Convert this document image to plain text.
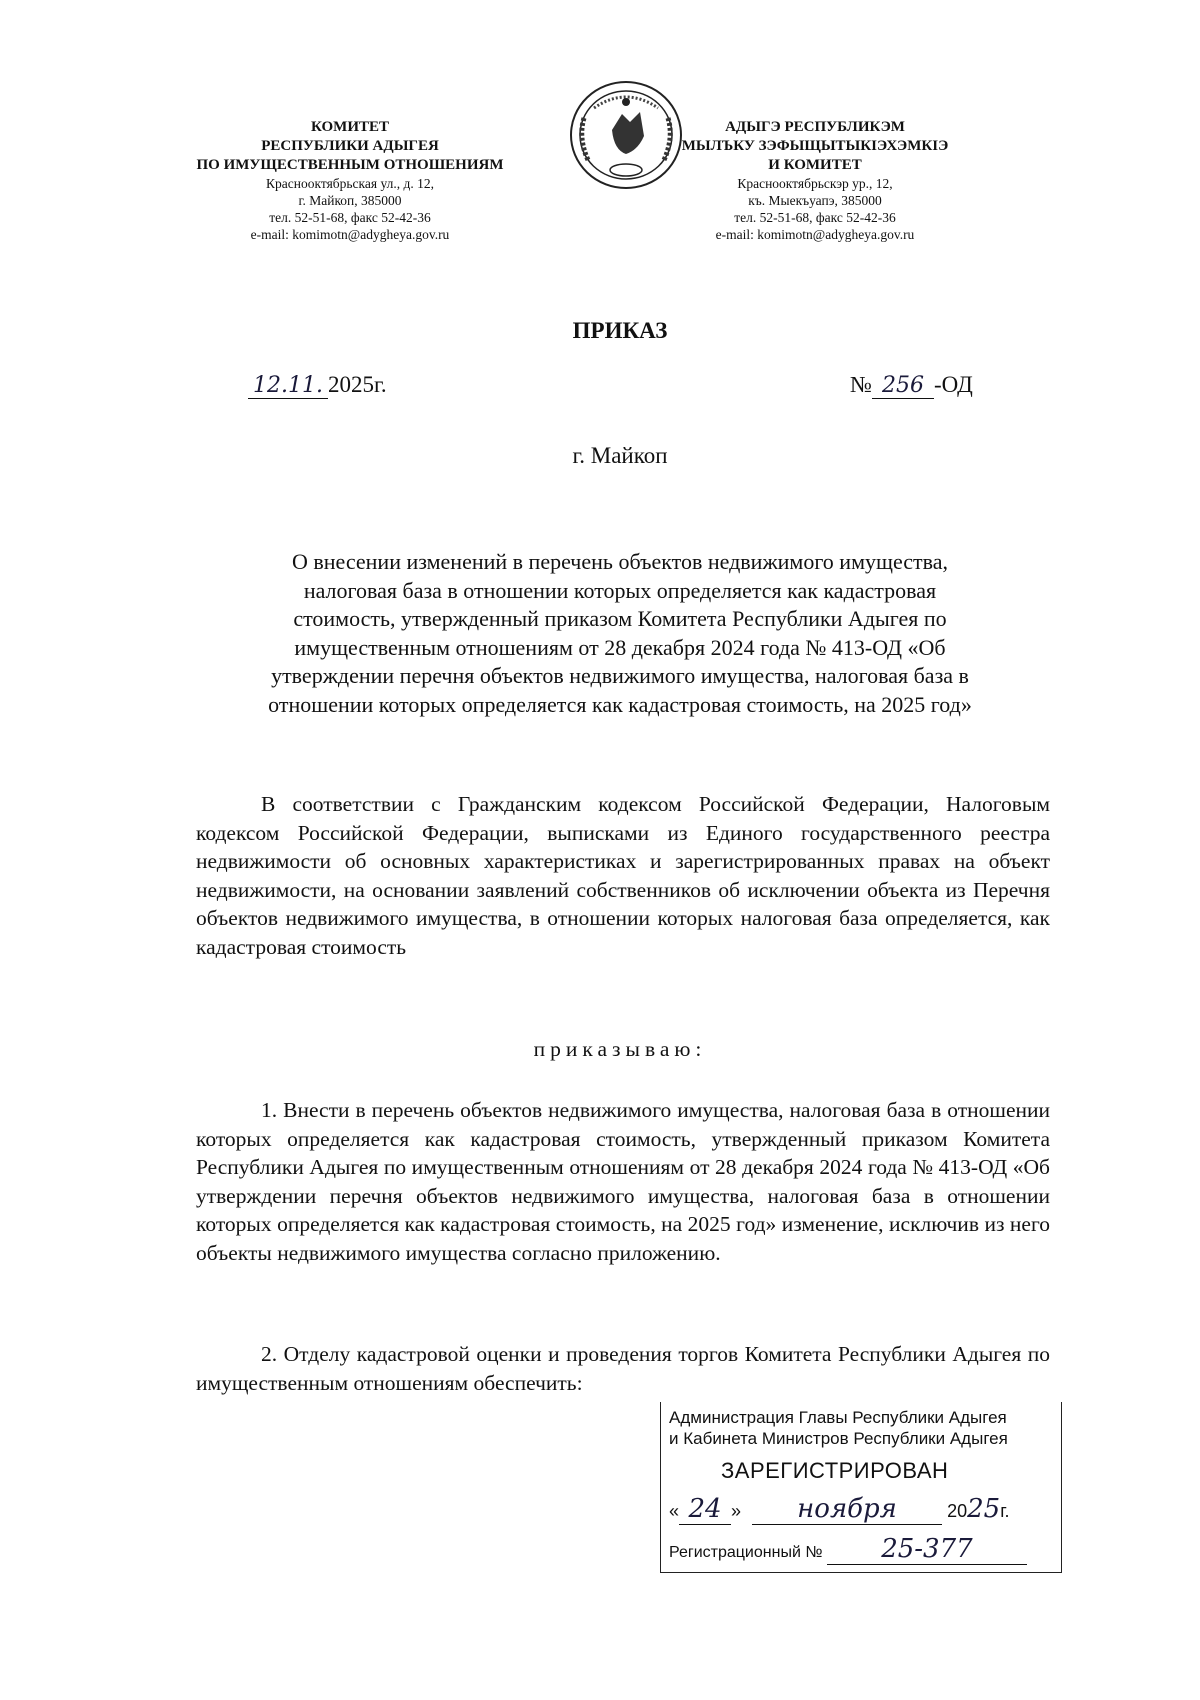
КОМИТЕТ
РЕСПУБЛИКИ АДЫГЕЯ
ПО ИМУЩЕСТВЕННЫМ ОТНОШЕНИЯМ
Краснооктябрьская ул., д. 12,
г. Майкоп, 385000
тел. 52-51-68, факс 52-42-36
e-mail: komimotn@adygheya.gov.ru
АДЫГЭ РЕСПУБЛИКЭМ
МЫЛЪКУ ЗЭФЫЩЫТЫКІЭХЭМКІЭ
И КОМИТЕТ
Краснооктябрьскэр ур., 12,
къ. Мыекъуапэ, 385000
тел. 52-51-68, факс 52-42-36
e-mail: komimotn@adygheya.gov.ru
ПРИКАЗ
12.11. 2025г.	№ 256 -ОД
г. Майкоп
О внесении изменений в перечень объектов недвижимого имущества,
налоговая база в отношении которых определяется как кадастровая
стоимость, утвержденный приказом Комитета Республики Адыгея по
имущественным отношениям от 28 декабря 2024 года № 413-ОД «Об
утверждении перечня объектов недвижимого имущества, налоговая база в
отношении которых определяется как кадастровая стоимость, на 2025 год»

В соответствии с Гражданским кодексом Российской Федерации, Налоговым кодексом Российской Федерации, выписками из Единого государственного реестра недвижимости об основных характеристиках и зарегистрированных правах на объект недвижимости, на основании заявлений собственников об исключении объекта из Перечня объектов недвижимого имущества, в отношении которых налоговая база определяется, как кадастровая стоимость

приказываю:

1. Внести в перечень объектов недвижимого имущества, налоговая база в отношении которых определяется как кадастровая стоимость, утвержденный приказом Комитета Республики Адыгея по имущественным отношениям от 28 декабря 2024 года № 413-ОД «Об утверждении перечня объектов недвижимого имущества, налоговая база в отношении которых определяется как кадастровая стоимость, на 2025 год» изменение, исключив из него объекты недвижимого имущества согласно приложению.

2. Отделу кадастровой оценки и проведения торгов Комитета Республики Адыгея по имущественным отношениям обеспечить:

Администрация Главы Республики Адыгея
и Кабинета Министров Республики Адыгея
ЗАРЕГИСТРИРОВАН
« 24 » ноября	2025г.
Регистрационный № 25-377
